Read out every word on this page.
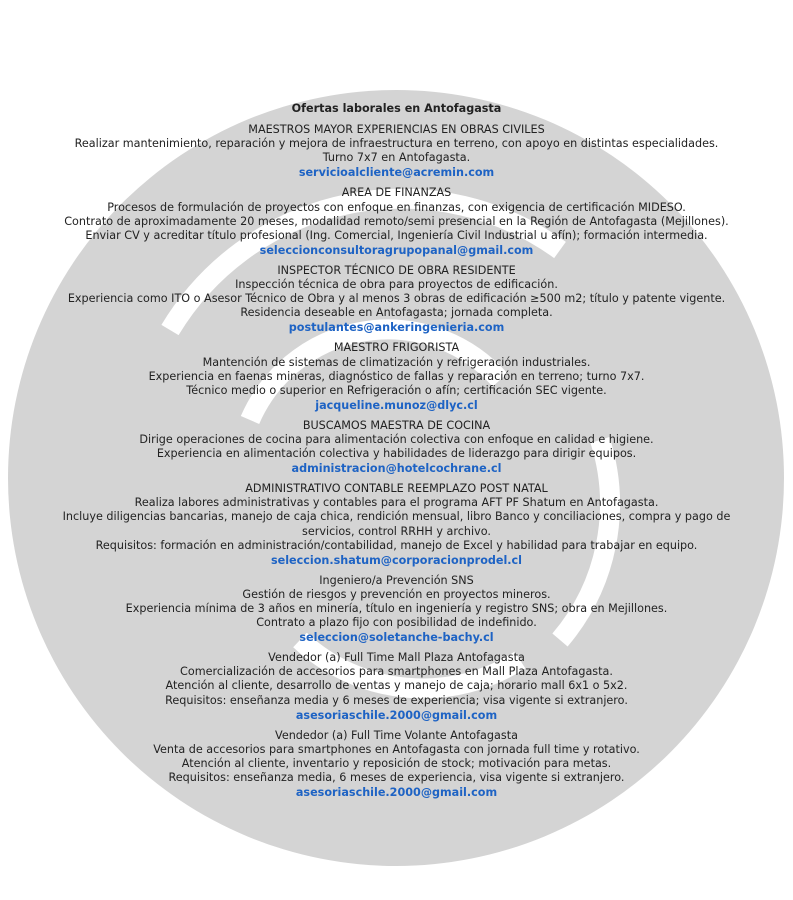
Ofertas laborales en Antofagasta
MAESTROS MAYOR EXPERIENCIAS EN OBRAS CIVILES
Realizar mantenimiento, reparación y mejora de infraestructura en terreno, con apoyo en distintas especialidades.
Turno 7x7 en Antofagasta.
servicioalcliente@acremin.com
AREA DE FINANZAS
Procesos de formulación de proyectos con enfoque en finanzas, con exigencia de certificación MIDESO.
Contrato de aproximadamente 20 meses, modalidad remoto/semi presencial en la Región de Antofagasta (Mejillones).
Enviar CV y acreditar título profesional (Ing. Comercial, Ingeniería Civil Industrial u afín); formación intermedia.
seleccionconsultoragrupopanal@gmail.com
INSPECTOR TÉCNICO DE OBRA RESIDENTE
Inspección técnica de obra para proyectos de edificación.
Experiencia como ITO o Asesor Técnico de Obra y al menos 3 obras de edificación ≥500 m2; título y patente vigente.
Residencia deseable en Antofagasta; jornada completa.
postulantes@ankeringenieria.com
MAESTRO FRIGORISTA
Mantención de sistemas de climatización y refrigeración industriales.
Experiencia en faenas mineras, diagnóstico de fallas y reparación en terreno; turno 7x7.
Técnico medio o superior en Refrigeración o afín; certificación SEC vigente.
jacqueline.munoz@dlyc.cl
BUSCAMOS MAESTRA DE COCINA
Dirige operaciones de cocina para alimentación colectiva con enfoque en calidad e higiene.
Experiencia en alimentación colectiva y habilidades de liderazgo para dirigir equipos.
administracion@hotelcochrane.cl
ADMINISTRATIVO CONTABLE REEMPLAZO POST NATAL
Realiza labores administrativas y contables para el programa AFT PF Shatum en Antofagasta.
Incluye diligencias bancarias, manejo de caja chica, rendición mensual, libro Banco y conciliaciones, compra y pago de servicios, control RRHH y archivo.
Requisitos: formación en administración/contabilidad, manejo de Excel y habilidad para trabajar en equipo.
seleccion.shatum@corporacionprodel.cl
Ingeniero/a Prevención SNS
Gestión de riesgos y prevención en proyectos mineros.
Experiencia mínima de 3 años en minería, título en ingeniería y registro SNS; obra en Mejillones.
Contrato a plazo fijo con posibilidad de indefinido.
seleccion@soletanche-bachy.cl
Vendedor (a) Full Time Mall Plaza Antofagasta
Comercialización de accesorios para smartphones en Mall Plaza Antofagasta.
Atención al cliente, desarrollo de ventas y manejo de caja; horario mall 6x1 o 5x2.
Requisitos: enseñanza media y 6 meses de experiencia; visa vigente si extranjero.
asesoriaschile.2000@gmail.com
Vendedor (a) Full Time Volante Antofagasta
Venta de accesorios para smartphones en Antofagasta con jornada full time y rotativo.
Atención al cliente, inventario y reposición de stock; motivación para metas.
Requisitos: enseñanza media, 6 meses de experiencia, visa vigente si extranjero.
asesoriaschile.2000@gmail.com
